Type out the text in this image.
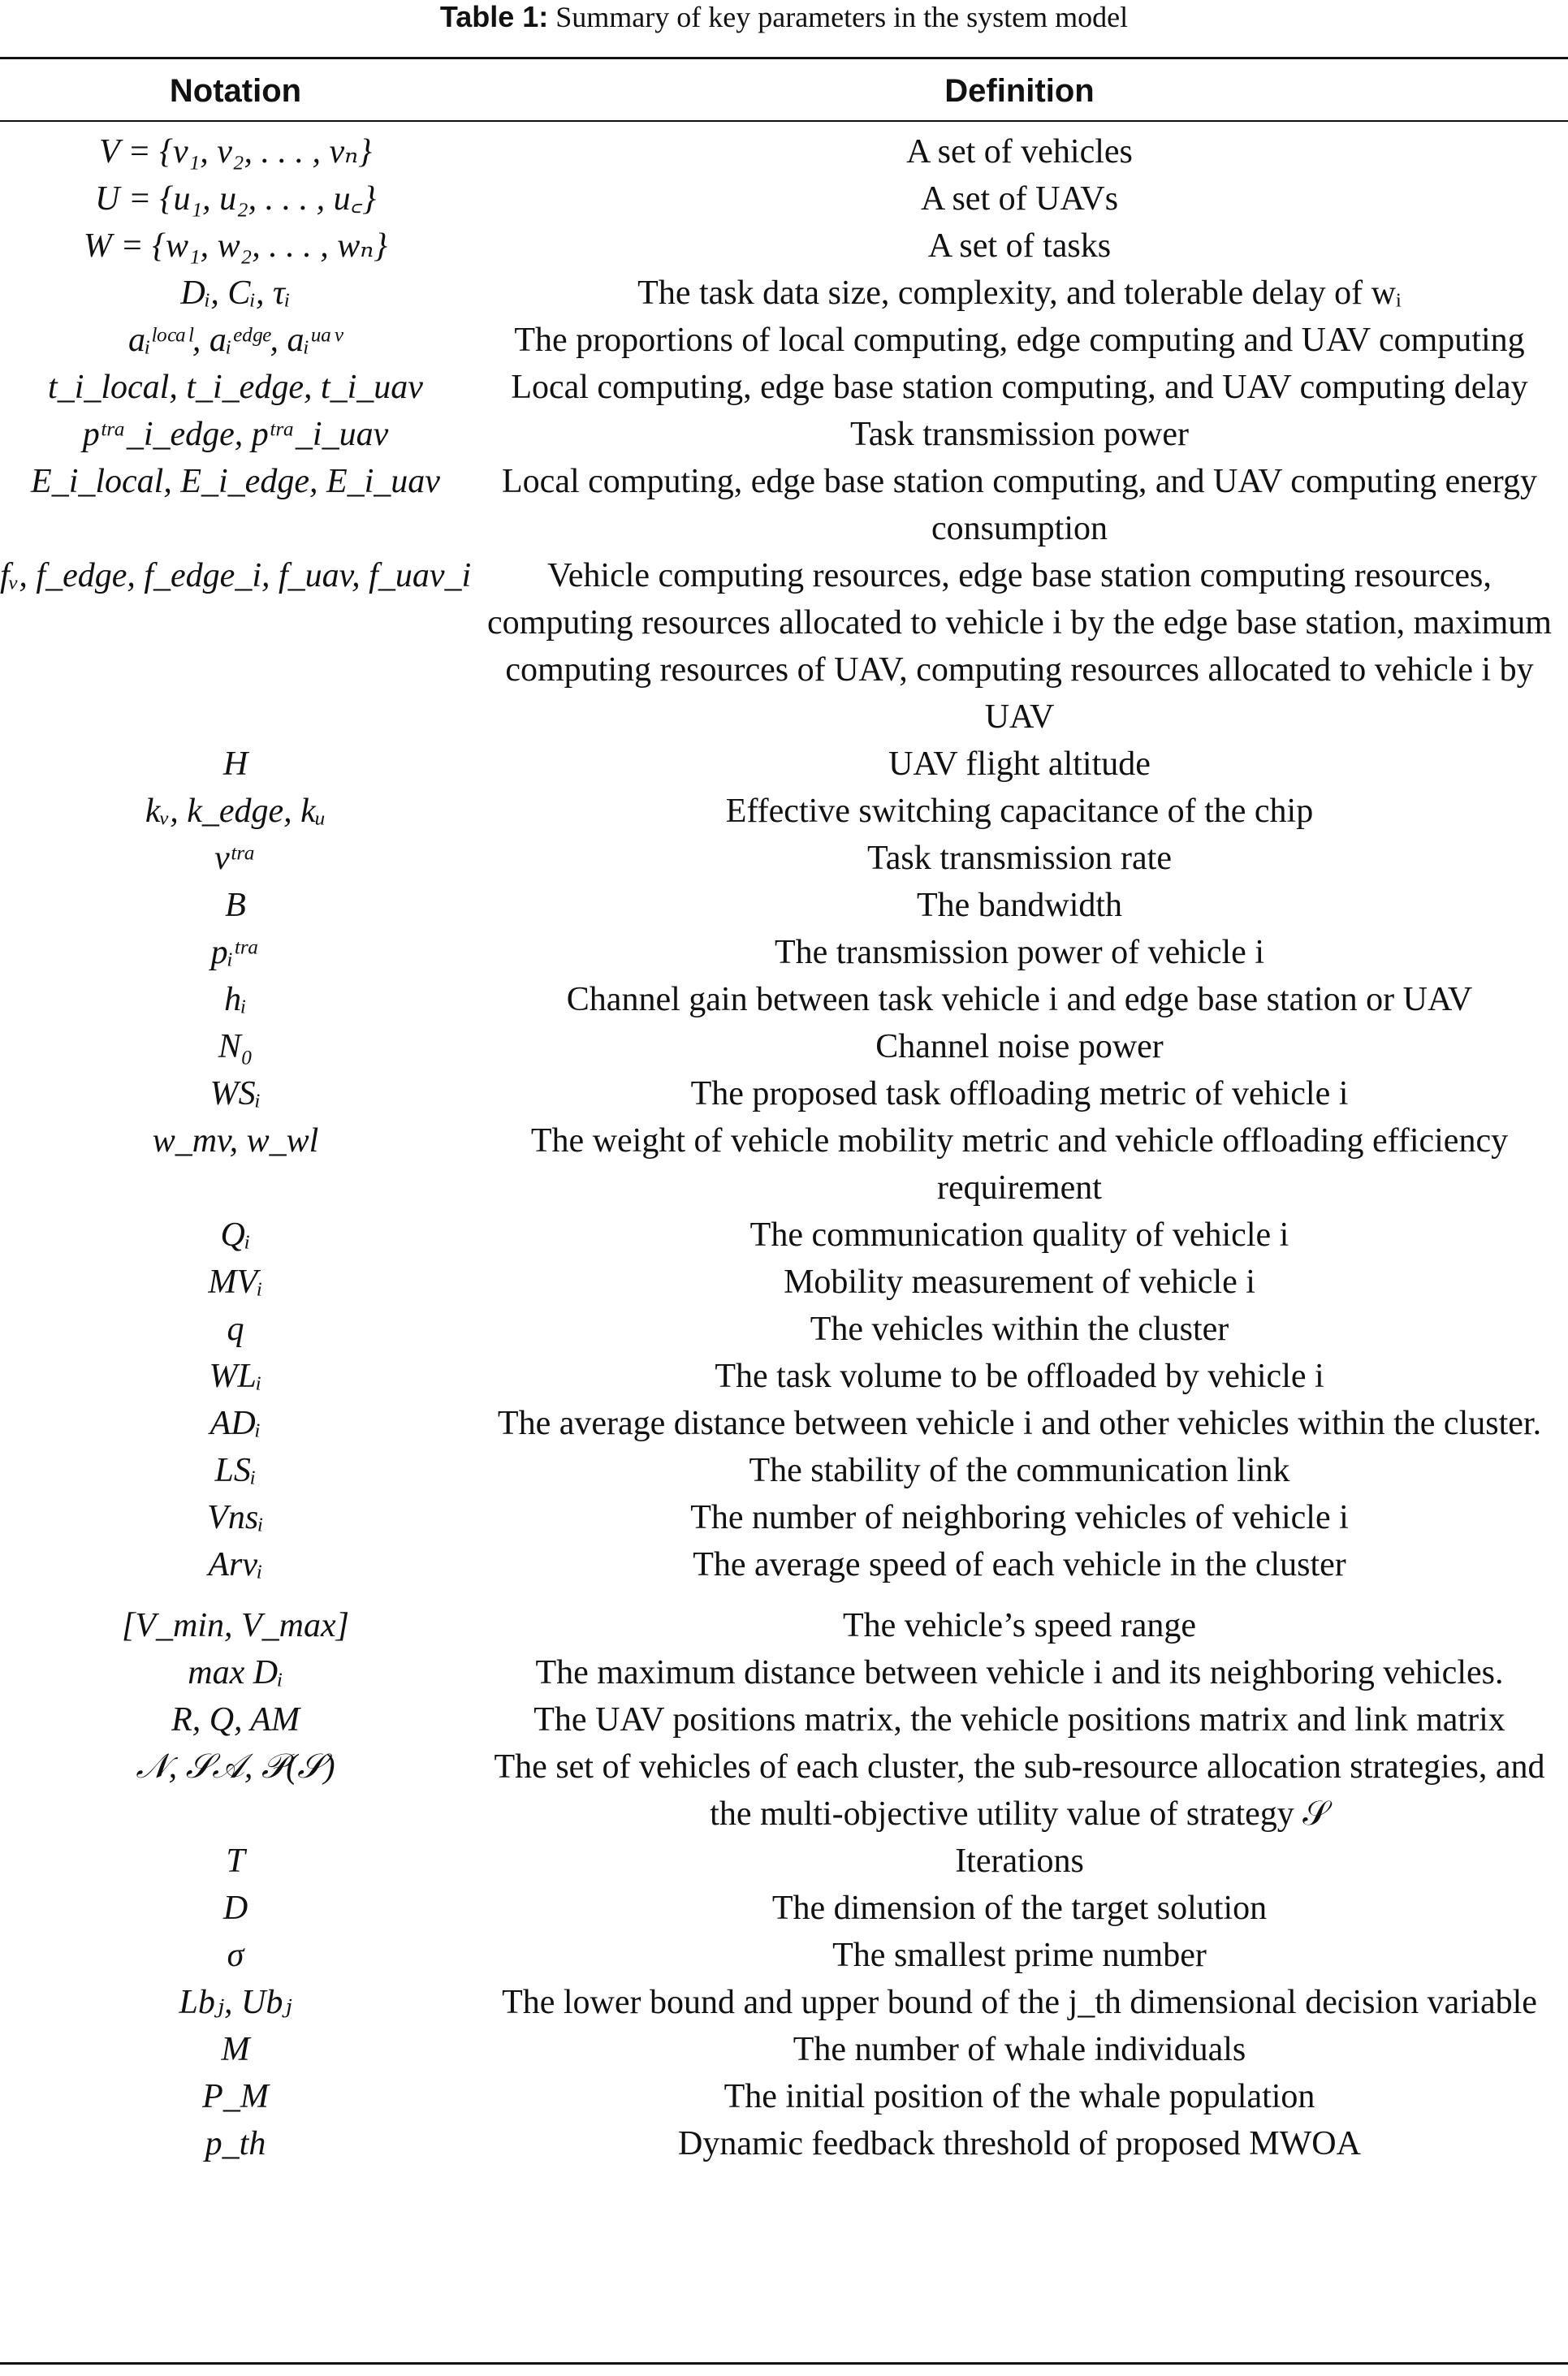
Table 1: Summary of key parameters in the system model
Notation	Definition
V = {v₁, v₂, . . . , vₙ}	A set of vehicles
U = {u₁, u₂, . . . , u꜀}	A set of UAVs
W = {w₁, w₂, . . . , wₙ}	A set of tasks
Dᵢ, Cᵢ, τᵢ	The task data size, complexity, and tolerable delay of wᵢ
aᵢˡᵒᶜᵃˡ, aᵢᵉᵈᵍᵉ, aᵢᵘᵃᵛ	The proportions of local computing, edge computing and UAV computing
t_i_local, t_i_edge, t_i_uav	Local computing, edge base station computing, and UAV computing delay
pᵗʳᵃ_i_edge, pᵗʳᵃ_i_uav	Task transmission power
E_i_local, E_i_edge, E_i_uav	Local computing, edge base station computing, and UAV computing energy consumption
fᵥ, f_edge, f_edge_i, f_uav, f_uav_i	Vehicle computing resources, edge base station computing resources, computing resources allocated to vehicle i by the edge base station, maximum computing resources of UAV, computing resources allocated to vehicle i by UAV
H	UAV flight altitude
kᵥ, k_edge, kᵤ	Effective switching capacitance of the chip
vᵗʳᵃ	Task transmission rate
B	The bandwidth
pᵢᵗʳᵃ	The transmission power of vehicle i
hᵢ	Channel gain between task vehicle i and edge base station or UAV
N₀	Channel noise power
WSᵢ	The proposed task offloading metric of vehicle i
w_mv, w_wl	The weight of vehicle mobility metric and vehicle offloading efficiency requirement
Qᵢ	The communication quality of vehicle i
MVᵢ	Mobility measurement of vehicle i
q	The vehicles within the cluster
WLᵢ	The task volume to be offloaded by vehicle i
ADᵢ	The average distance between vehicle i and other vehicles within the cluster.
LSᵢ	The stability of the communication link
Vnsᵢ	The number of neighboring vehicles of vehicle i
Arvᵢ	The average speed of each vehicle in the cluster
[V_min, V_max]	The vehicle’s speed range
max Dᵢ	The maximum distance between vehicle i and its neighboring vehicles.
R, Q, AM	The UAV positions matrix, the vehicle positions matrix and link matrix
𝒩, 𝒮𝒜, 𝒫(𝒮)	The set of vehicles of each cluster, the sub-resource allocation strategies, and the multi-objective utility value of strategy 𝒮
T	Iterations
D	The dimension of the target solution
σ	The smallest prime number
Lbⱼ, Ubⱼ	The lower bound and upper bound of the j_th dimensional decision variable
M	The number of whale individuals
P_M	The initial position of the whale population
p_th	Dynamic feedback threshold of proposed MWOA
